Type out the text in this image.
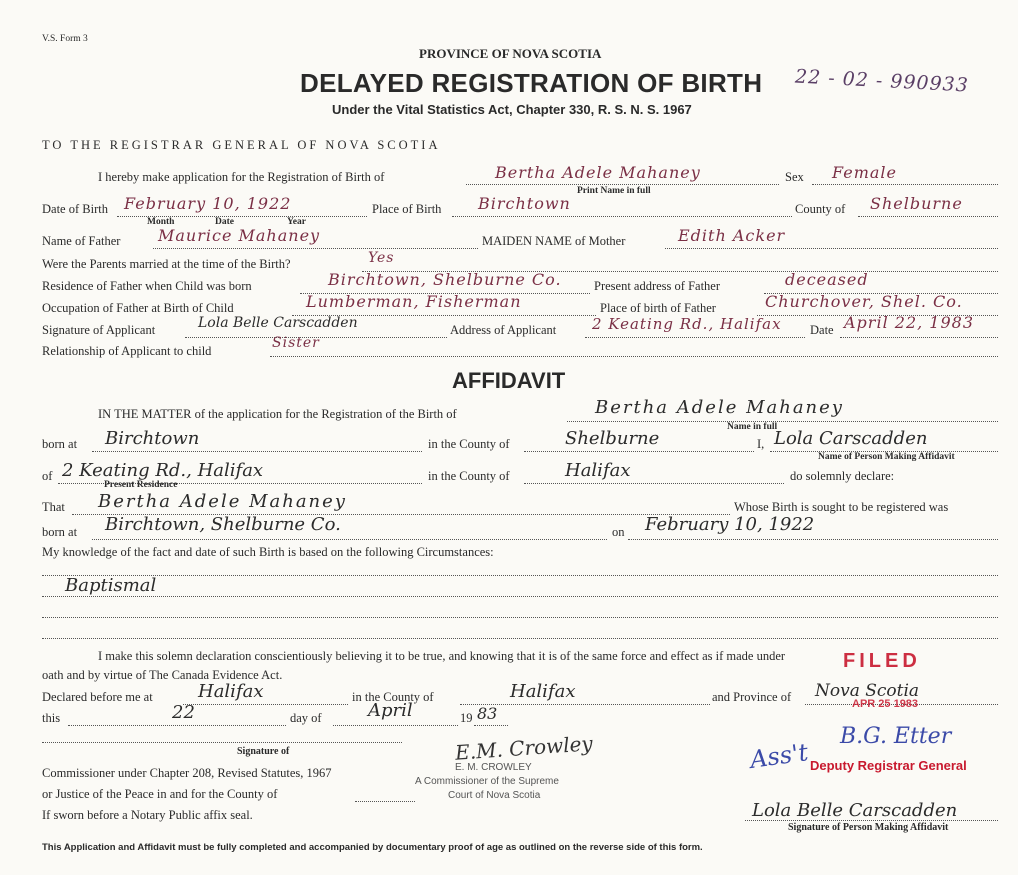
V.S. Form 3
PROVINCE OF NOVA SCOTIA
DELAYED REGISTRATION OF BIRTH
Under the Vital Statistics Act, Chapter 330, R. S. N. S. 1967
22 - 02 - 990933
TO THE REGISTRAR GENERAL OF NOVA SCOTIA
I hereby make application for the Registration of Birth of	Bertha Adele Mahaney	Sex Female
Print Name in full
Date of Birth February 10, 1922	Place of Birth Birchtown	County of Shelburne
Month	Date	Year
Name of Father Maurice Mahaney	MAIDEN NAME of Mother	Edith Acker
Were the Parents married at the time of the Birth?	Yes
Residence of Father when Child was born	Birchtown, Shelburne Co.	Present address of Father	deceased
Occupation of Father at Birth of Child	Lumberman, Fisherman	Place of birth of Father	Churchover, Shel. Co.
Signature of Applicant	Lola Belle Carscadden	Address of Applicant 2 Keating Rd., Halifax Date April 22, 1983
Relationship of Applicant to child	Sister
AFFIDAVIT
IN THE MATTER of the application for the Registration of the Birth of	Bertha Adele Mahaney
Name in full
born at Birchtown	in the County of	Shelburne	I, Lola Carscadden
Name of Person Making Affidavit
of 2 Keating Rd., Halifax	in the County of	Halifax	do solemnly declare:
Present Residence
That Bertha Adele Mahaney	Whose Birth is sought to be registered was
born at Birchtown, Shelburne Co.	on February 10, 1922
My knowledge of the fact and date of such Birth is based on the following Circumstances:
Baptismal
I make this solemn declaration conscientiously believing it to be true, and knowing that it is of the same force and effect as if made under
oath and by virtue of The Canada Evidence Act.
Declared before me at	Halifax	in the County of	Halifax	and Province of Nova Scotia
this	22	day of	April	19 83
Signature of
Commissioner under Chapter 208, Revised Statutes, 1967
or Justice of the Peace in and for the County of
If sworn before a Notary Public affix seal.
E.M. Crowley
E. M. CROWLEY
A Commissioner of the Supreme
Court of Nova Scotia
FILED
APR 25 1983
Ass't
B.G. Etter
Deputy Registrar General
Lola Belle Carscadden
Signature of Person Making Affidavit
This Application and Affidavit must be fully completed and accompanied by documentary proof of age as outlined on the reverse side of this form.
